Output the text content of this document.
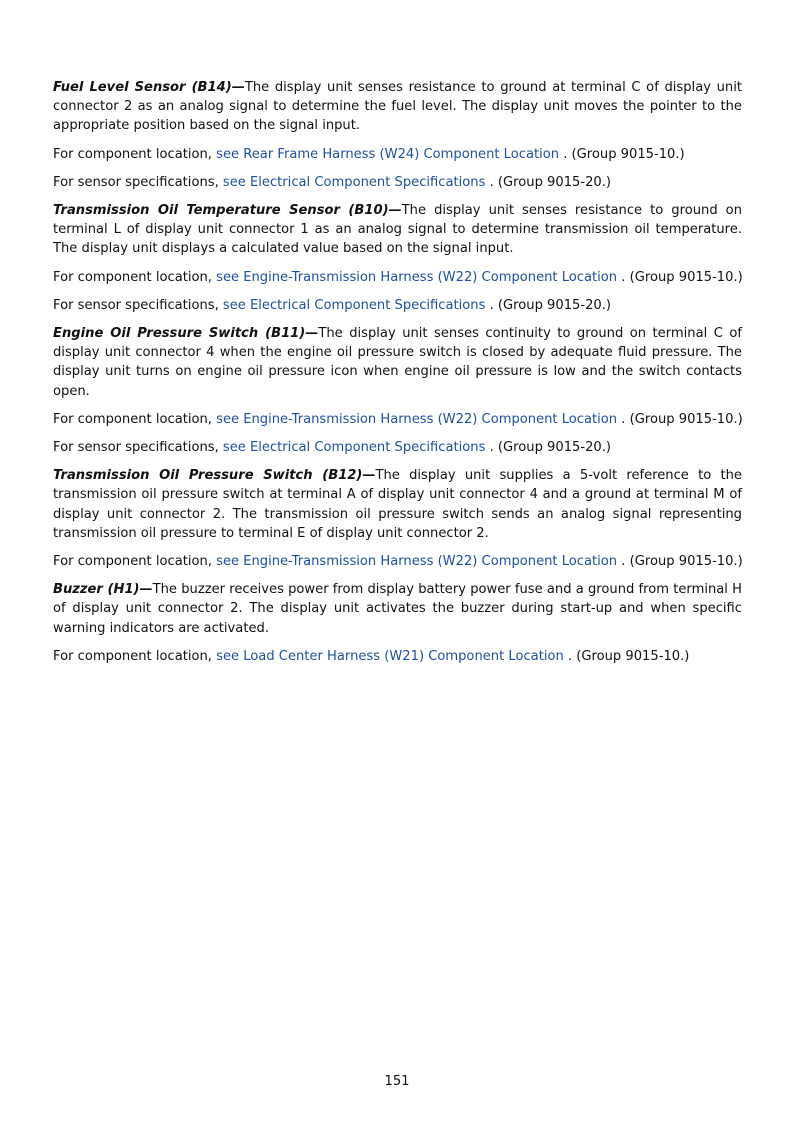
Fuel Level Sensor (B14)—The display unit senses resistance to ground at terminal C of display unit connector 2 as an analog signal to determine the fuel level. The display unit moves the pointer to the appropriate position based on the signal input.

For component location, see Rear Frame Harness (W24) Component Location . (Group 9015-10.)

For sensor specifications, see Electrical Component Specifications . (Group 9015-20.)

Transmission Oil Temperature Sensor (B10)—The display unit senses resistance to ground on terminal L of display unit connector 1 as an analog signal to determine transmission oil temperature. The display unit displays a calculated value based on the signal input.

For component location, see Engine-Transmission Harness (W22) Component Location . (Group 9015-10.)

For sensor specifications, see Electrical Component Specifications . (Group 9015-20.)

Engine Oil Pressure Switch (B11)—The display unit senses continuity to ground on terminal C of display unit connector 4 when the engine oil pressure switch is closed by adequate fluid pressure. The display unit turns on engine oil pressure icon when engine oil pressure is low and the switch contacts open.

For component location, see Engine-Transmission Harness (W22) Component Location . (Group 9015-10.)

For sensor specifications, see Electrical Component Specifications . (Group 9015-20.)

Transmission Oil Pressure Switch (B12)—The display unit supplies a 5-volt reference to the transmission oil pressure switch at terminal A of display unit connector 4 and a ground at terminal M of display unit connector 2. The transmission oil pressure switch sends an analog signal representing transmission oil pressure to terminal E of display unit connector 2.

For component location, see Engine-Transmission Harness (W22) Component Location . (Group 9015-10.)

Buzzer (H1)—The buzzer receives power from display battery power fuse and a ground from terminal H of display unit connector 2. The display unit activates the buzzer during start-up and when specific warning indicators are activated.

For component location, see Load Center Harness (W21) Component Location . (Group 9015-10.)

151
